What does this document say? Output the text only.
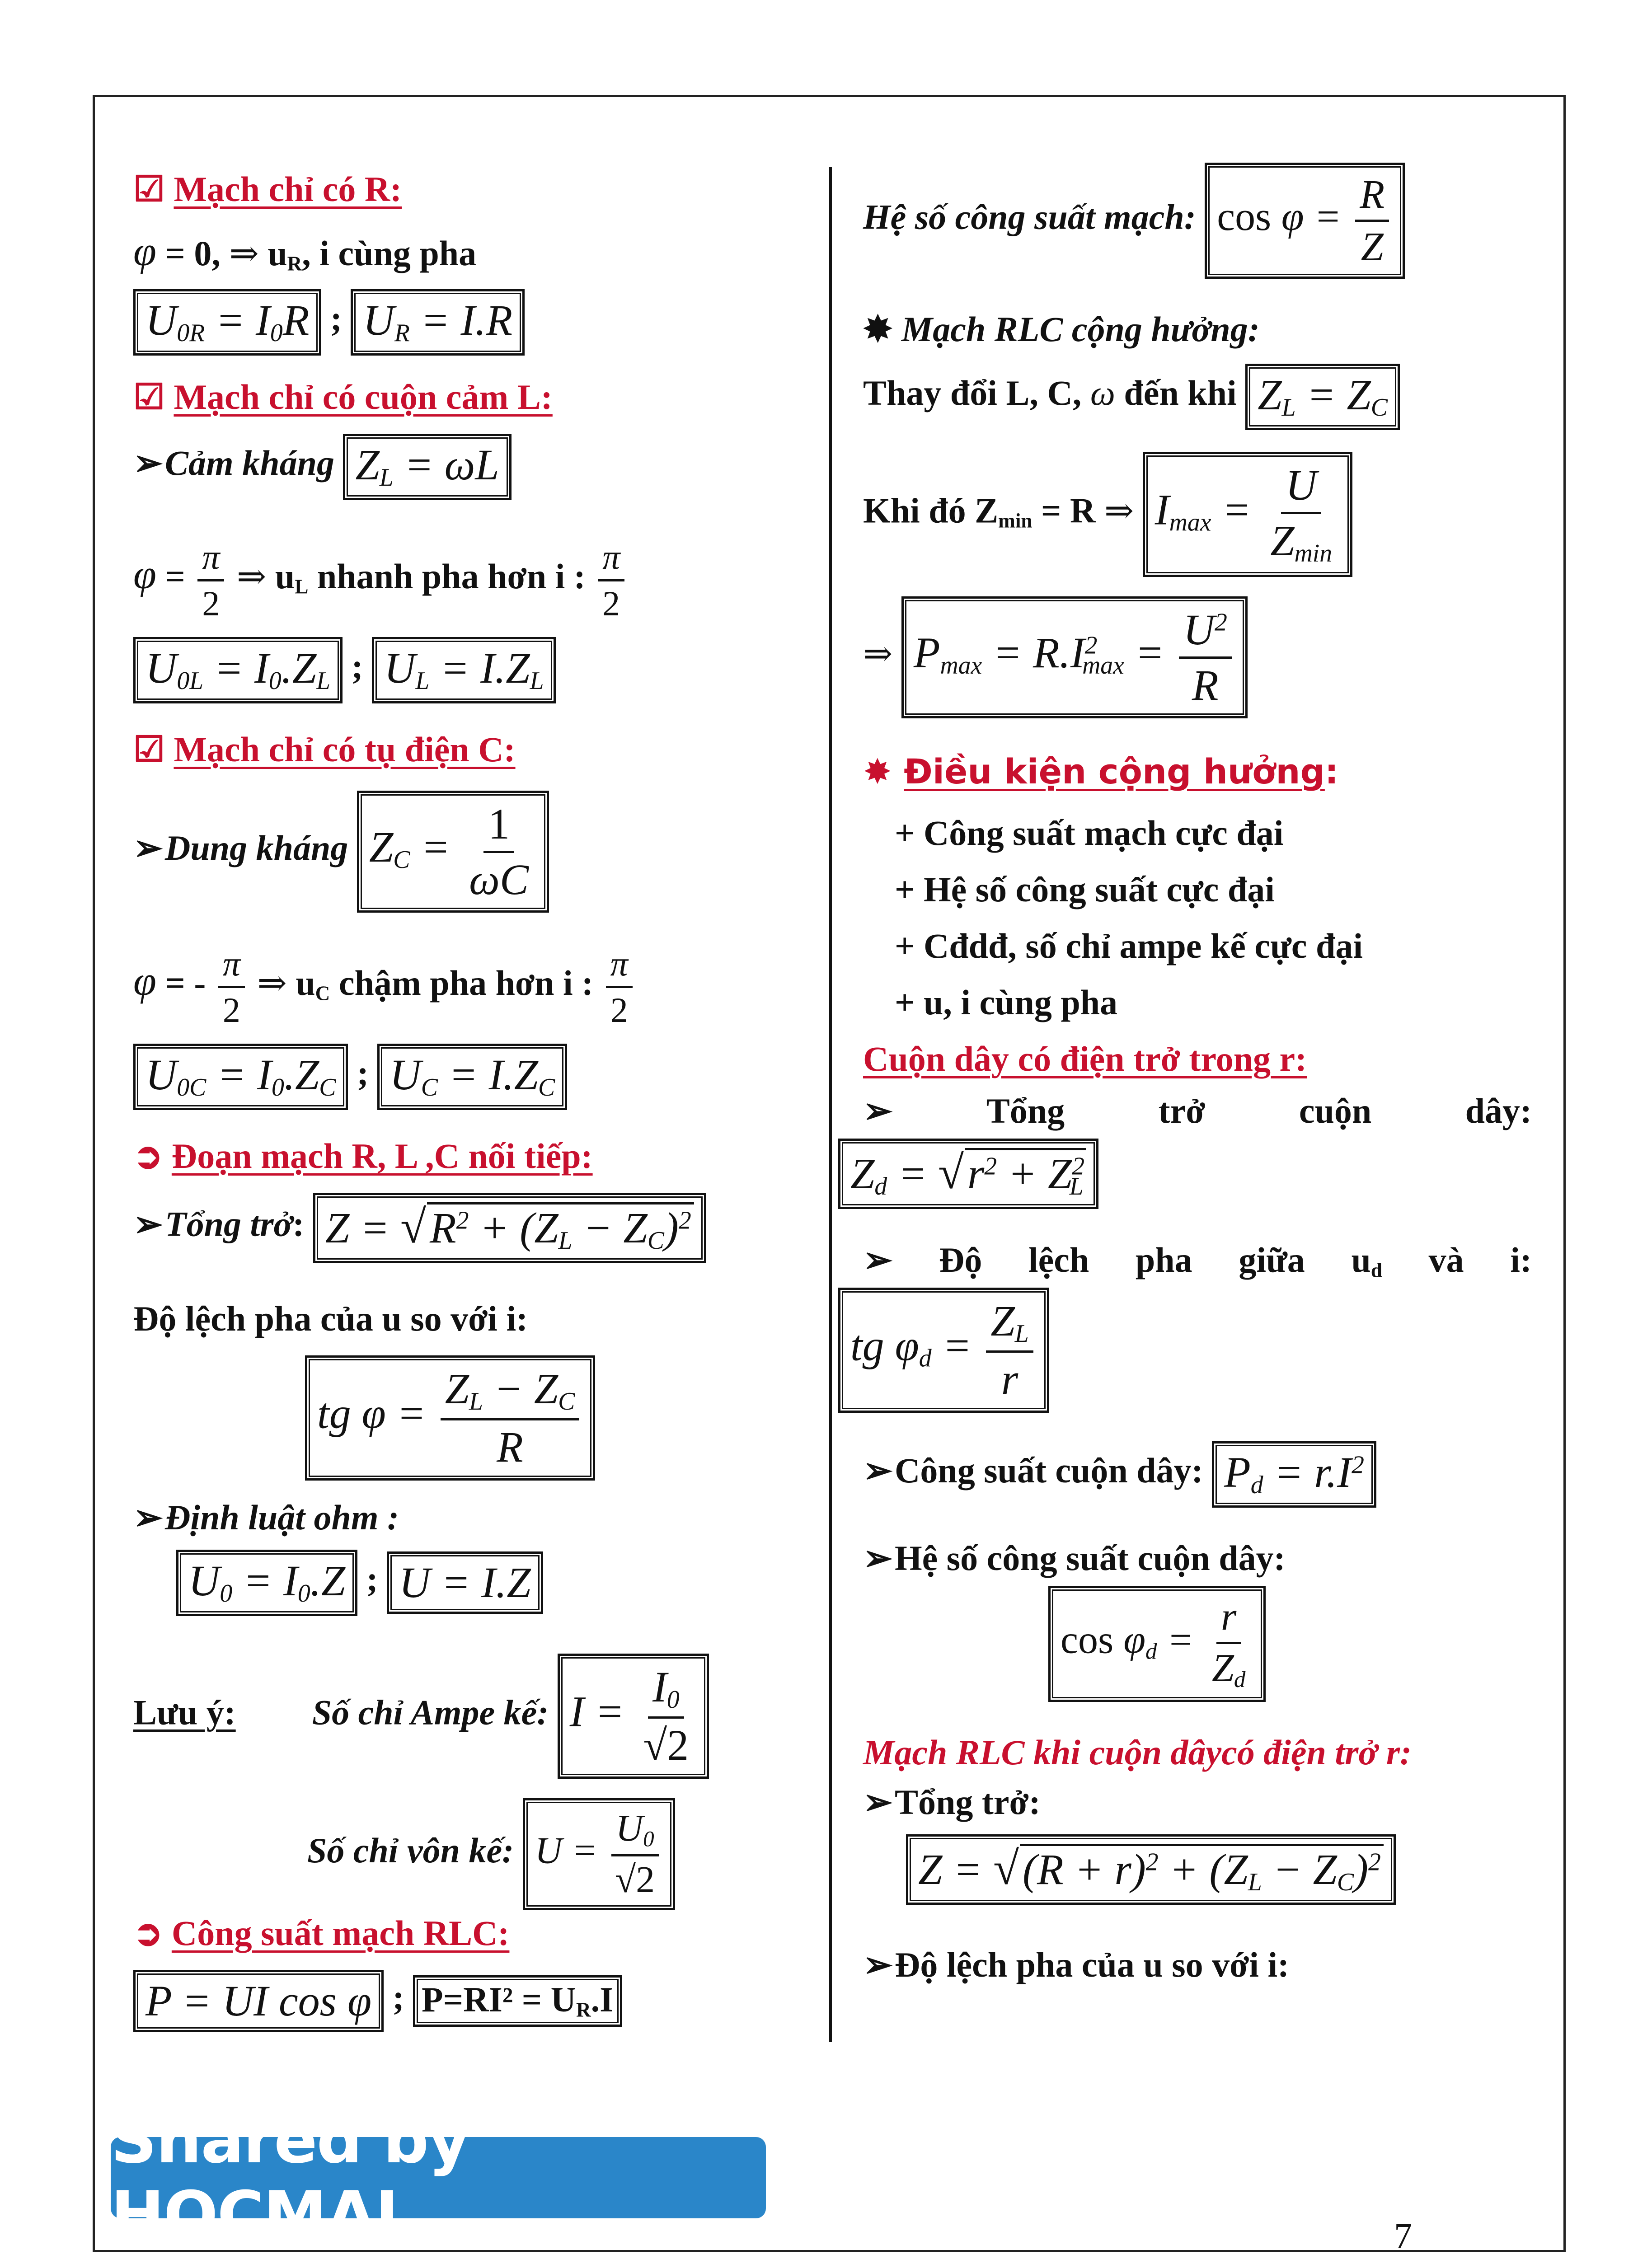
☑ Mạch chỉ có R:
φ = 0, ⇒ $u_R$, i cùng pha
$U_{0R} = I_0R$ ; $U_R = I.R$
☑ Mạch chỉ có cuộn cảm L:
➢Cảm kháng $Z_L = \omega L$
$\varphi = \frac{\pi}{2}$ ⇒ $u_L$ nhanh pha hơn i : $\frac{\pi}{2}$
$U_{0L} = I_0.Z_L$ ; $U_L = I.Z_L$
☑ Mạch chỉ có tụ điện C:
➢Dung kháng $Z_C = \frac{1}{\omega C}$
φ = - $\frac{\pi}{2}$ ⇒ $u_C$ chậm pha hơn i : $\frac{\pi}{2}$
$U_{0C} = I_0.Z_C$ ; $U_C = I.Z_C$
➲ Đoạn mạch R, L ,C nối tiếp:
➢Tổng trở: $Z = √R^2 + (Z_L - Z_C)^2$
Độ lệch pha của u so với i:
tg $\varphi = \frac{Z_L - Z_C}{R}$
➢Định luật ohm :
$U_0 = I_0.Z$ ; U = I.Z
Lưu ý: Số chỉ Ampe kế: $I = \frac{I_0}{√2}$
Số chỉ vôn kế: $U = \frac{U_0}{√2}$
➲ Công suất mạch RLC:
P = UI cos φ ; $P=RI^2 = U_R.I$
Hệ số công suất mạch: $\cos \varphi = \frac{R}{Z}$
✸ Mạch RLC cộng hưởng:
Thay đổi L, C, ω đến khi $Z_L = Z_C$
Khi đó $Z_{min} = R$ ⇒ $I_{max} = \frac{U}{Z_{min}}$
⇒ $P_{max} = R.I^2_{max} = \frac{U^2}{R}$
✸ Điều kiện cộng hưởng:
+ Công suất mạch cực đại
+ Hệ số công suất cực đại
+ Cđdđ, số chỉ ampe kế cực đại
+ u, i cùng pha
Cuộn dây có điện trở trong r:
➢	Tổng	trở	cuộn	dây:
$Z_d = √r^2 + Z^2_L$
➢ Độ lệch pha giữa $u_d$ và i:
tg $\varphi_d = \frac{Z_L}{r}$
➢Công suất cuộn dây: $P_d = r.I^2$
➢Hệ số công suất cuộn dây:
$\cos \varphi_d = \frac{r}{Z_d}$
Mạch RLC khi cuộn dâycó điện trở r:
➢Tổng trở:
$Z = √(R + r)^2 + (Z_L - Z_C)^2$
➢Độ lệch pha của u so với i:
Shared by HOCMAI	7
